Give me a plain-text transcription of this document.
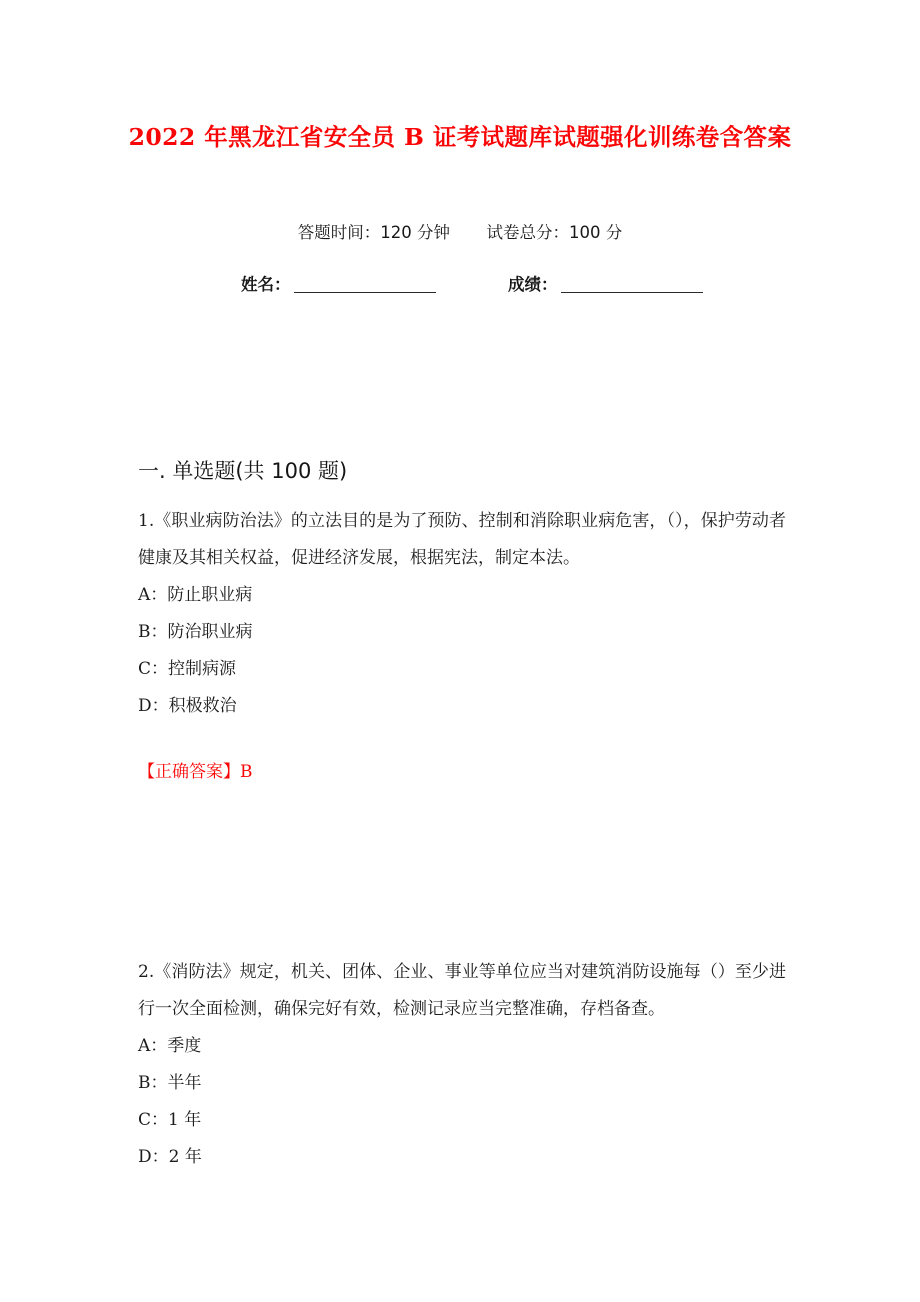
2022 年黑龙江省安全员 B 证考试题库试题强化训练卷含答案
答题时间：120 分钟 试卷总分：100 分
姓名：	成绩：
一. 单选题(共 100 题)

1.《职业病防治法》的立法目的是为了预防、控制和消除职业病危害，（），保护劳动者健康及其相关权益，促进经济发展，根据宪法，制定本法。

A：防止职业病
B：防治职业病
C：控制病源
D：积极救治
【正确答案】B

2.《消防法》规定，机关、团体、企业、事业等单位应当对建筑消防设施每（）至少进行一次全面检测，确保完好有效，检测记录应当完整准确，存档备查。

A：季度
B：半年
C：1 年
D：2 年
